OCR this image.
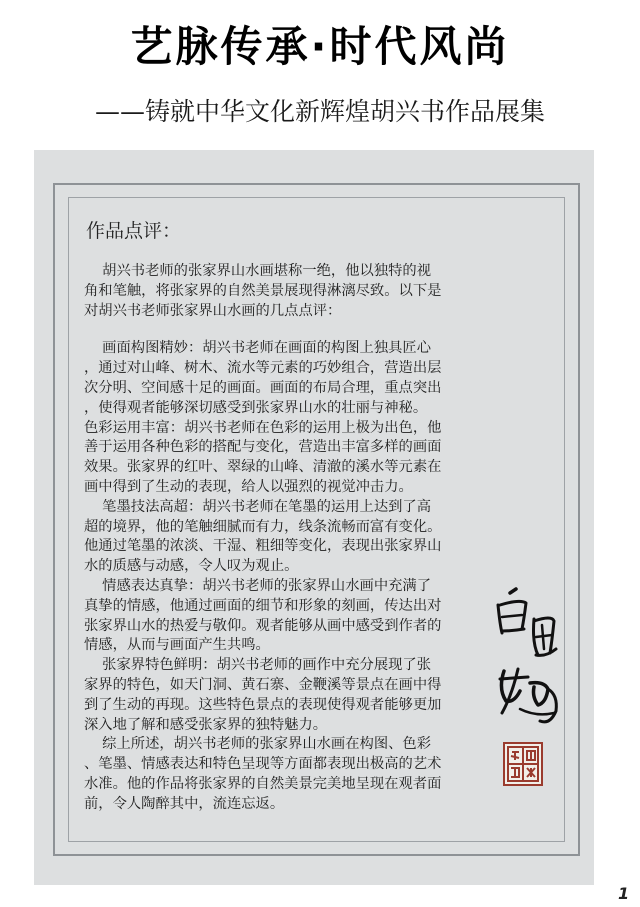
艺脉传承·时代风尚
——铸就中华文化新辉煌胡兴书作品展集
作品点评：

胡兴书老师的张家界山水画堪称一绝，他以独特的视

角和笔触，将张家界的自然美景展现得淋漓尽致。以下是

对胡兴书老师张家界山水画的几点点评：

画面构图精妙：胡兴书老师在画面的构图上独具匠心

，通过对山峰、树木、流水等元素的巧妙组合，营造出层

次分明、空间感十足的画面。画面的布局合理，重点突出

，使得观者能够深切感受到张家界山水的壮丽与神秘。

色彩运用丰富：胡兴书老师在色彩的运用上极为出色，他

善于运用各种色彩的搭配与变化，营造出丰富多样的画面

效果。张家界的红叶、翠绿的山峰、清澈的溪水等元素在

画中得到了生动的表现，给人以强烈的视觉冲击力。

笔墨技法高超：胡兴书老师在笔墨的运用上达到了高

超的境界，他的笔触细腻而有力，线条流畅而富有变化。

他通过笔墨的浓淡、干湿、粗细等变化，表现出张家界山

水的质感与动感，令人叹为观止。

情感表达真挚：胡兴书老师的张家界山水画中充满了

真挚的情感，他通过画面的细节和形象的刻画，传达出对

张家界山水的热爱与敬仰。观者能够从画中感受到作者的

情感，从而与画面产生共鸣。

张家界特色鲜明：胡兴书老师的画作中充分展现了张

家界的特色，如天门洞、黄石寨、金鞭溪等景点在画中得

到了生动的再现。这些特色景点的表现使得观者能够更加

深入地了解和感受张家界的独特魅力。

综上所述，胡兴书老师的张家界山水画在构图、色彩

、笔墨、情感表达和特色呈现等方面都表现出极高的艺术

水准。他的作品将张家界的自然美景完美地呈现在观者面

前，令人陶醉其中，流连忘返。

1
